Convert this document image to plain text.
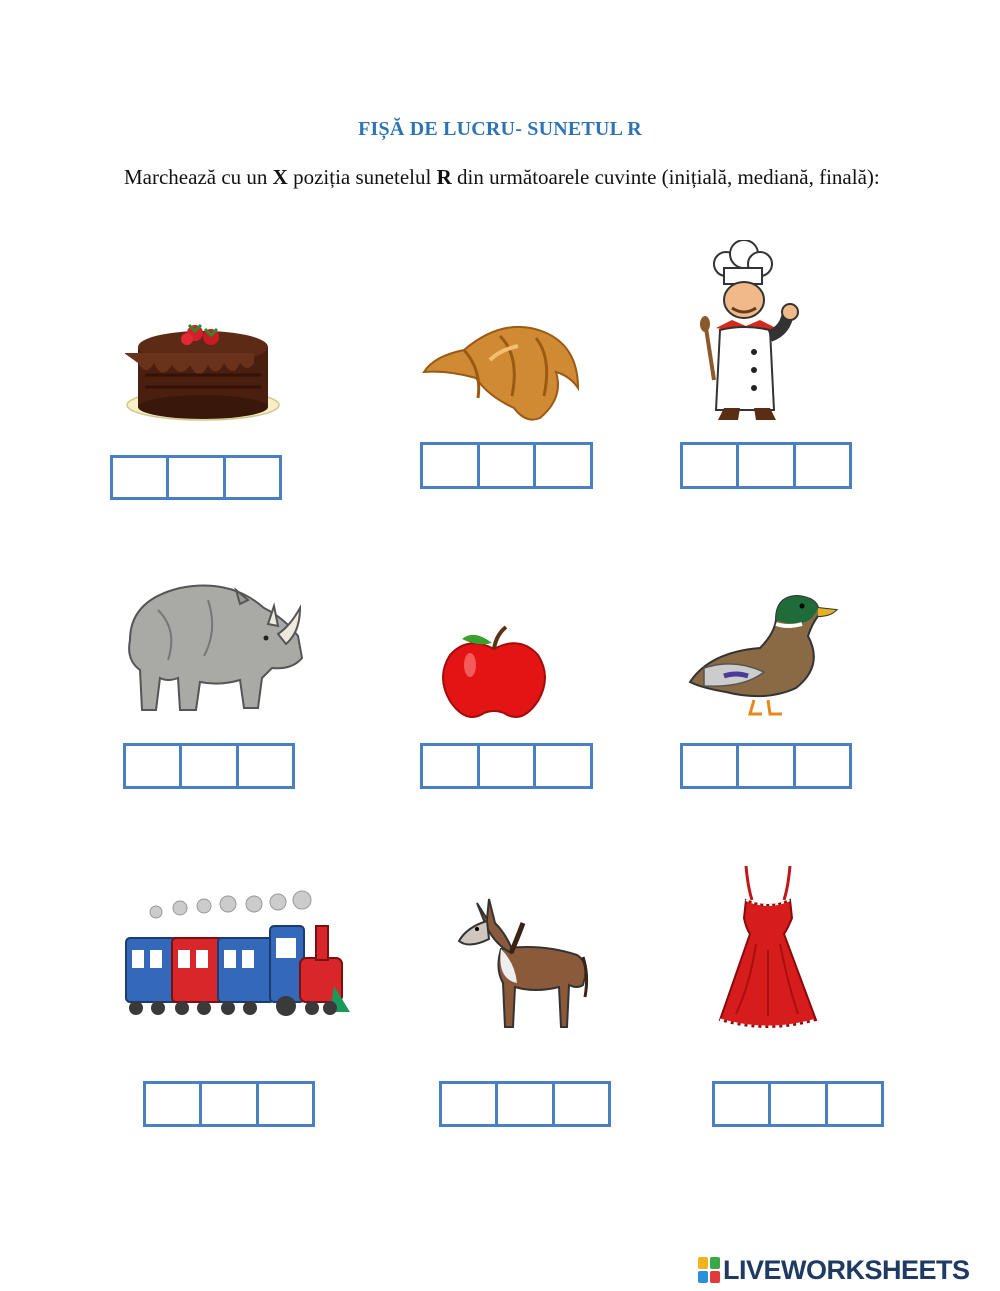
FIȘĂ DE LUCRU- SUNETUL R
Marchează cu un X poziția sunetelul R din următoarele cuvinte (inițială, mediană, finală):
LIVEWORKSHEETS
